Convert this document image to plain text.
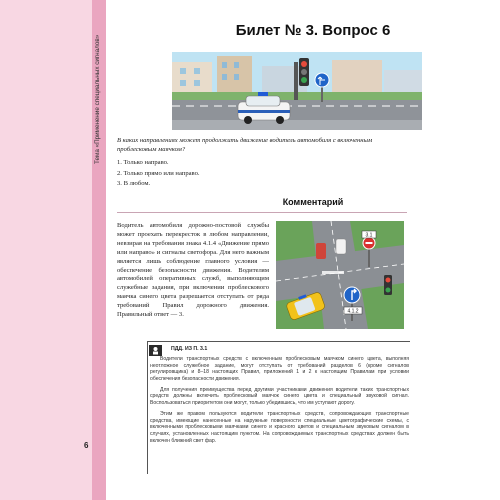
Тема «Применение специальных сигналов»
6
Билет № 3. Вопрос 6
В каких направлениях может продолжить движение водитель автомобиля с включенным проблесковым маячком?
1. Только направо.
2. Только прямо или направо.
3. В любом.
Комментарий
Водитель автомобиля дорожно-постовой службы может проехать перекресток в любом направлении, невзирая на требования знака 4.1.4 «Движение прямо или направо» и сигналы светофора. Для него важным является лишь соблюдение главного условия — обеспечение безопасности движения. Водителям автомобилей оперативных служб, выполняющим служебные задания, при включении проблескового маячка синего цвета разрешается отступать от ряда требований Правил дорожного движения. Правильный ответ — 3.
3.1
4.1.2
ПДД. ИЗ П. 3.1

Водители транспортных средств с включенным проблесковым маячком синего цвета, выполняя неотложное служебное задание, могут отступать от требований разделов 6 (кроме сигналов регулировщика) и 8–18 настоящих Правил, приложений 1 и 2 к настоящим Правилам при условии обеспечения безопасности движения.

Для получения преимущества перед другими участниками движения водители таких транспортных средств должны включить проблесковый маячок синего цвета и специальный звуковой сигнал. Воспользоваться приоритетом они могут, только убедившись, что им уступают дорогу.

Этим же правом пользуются водители транспортных средств, сопровождающих транспортные средства, имеющие нанесенные на наружные поверхности специальные цветографические схемы, с включенными проблесковыми маячками синего и красного цветов и специальным звуковым сигналом в случаях, установленных настоящим пунктом. На сопровождаемых транспортных средствах должен быть включен ближний свет фар.
